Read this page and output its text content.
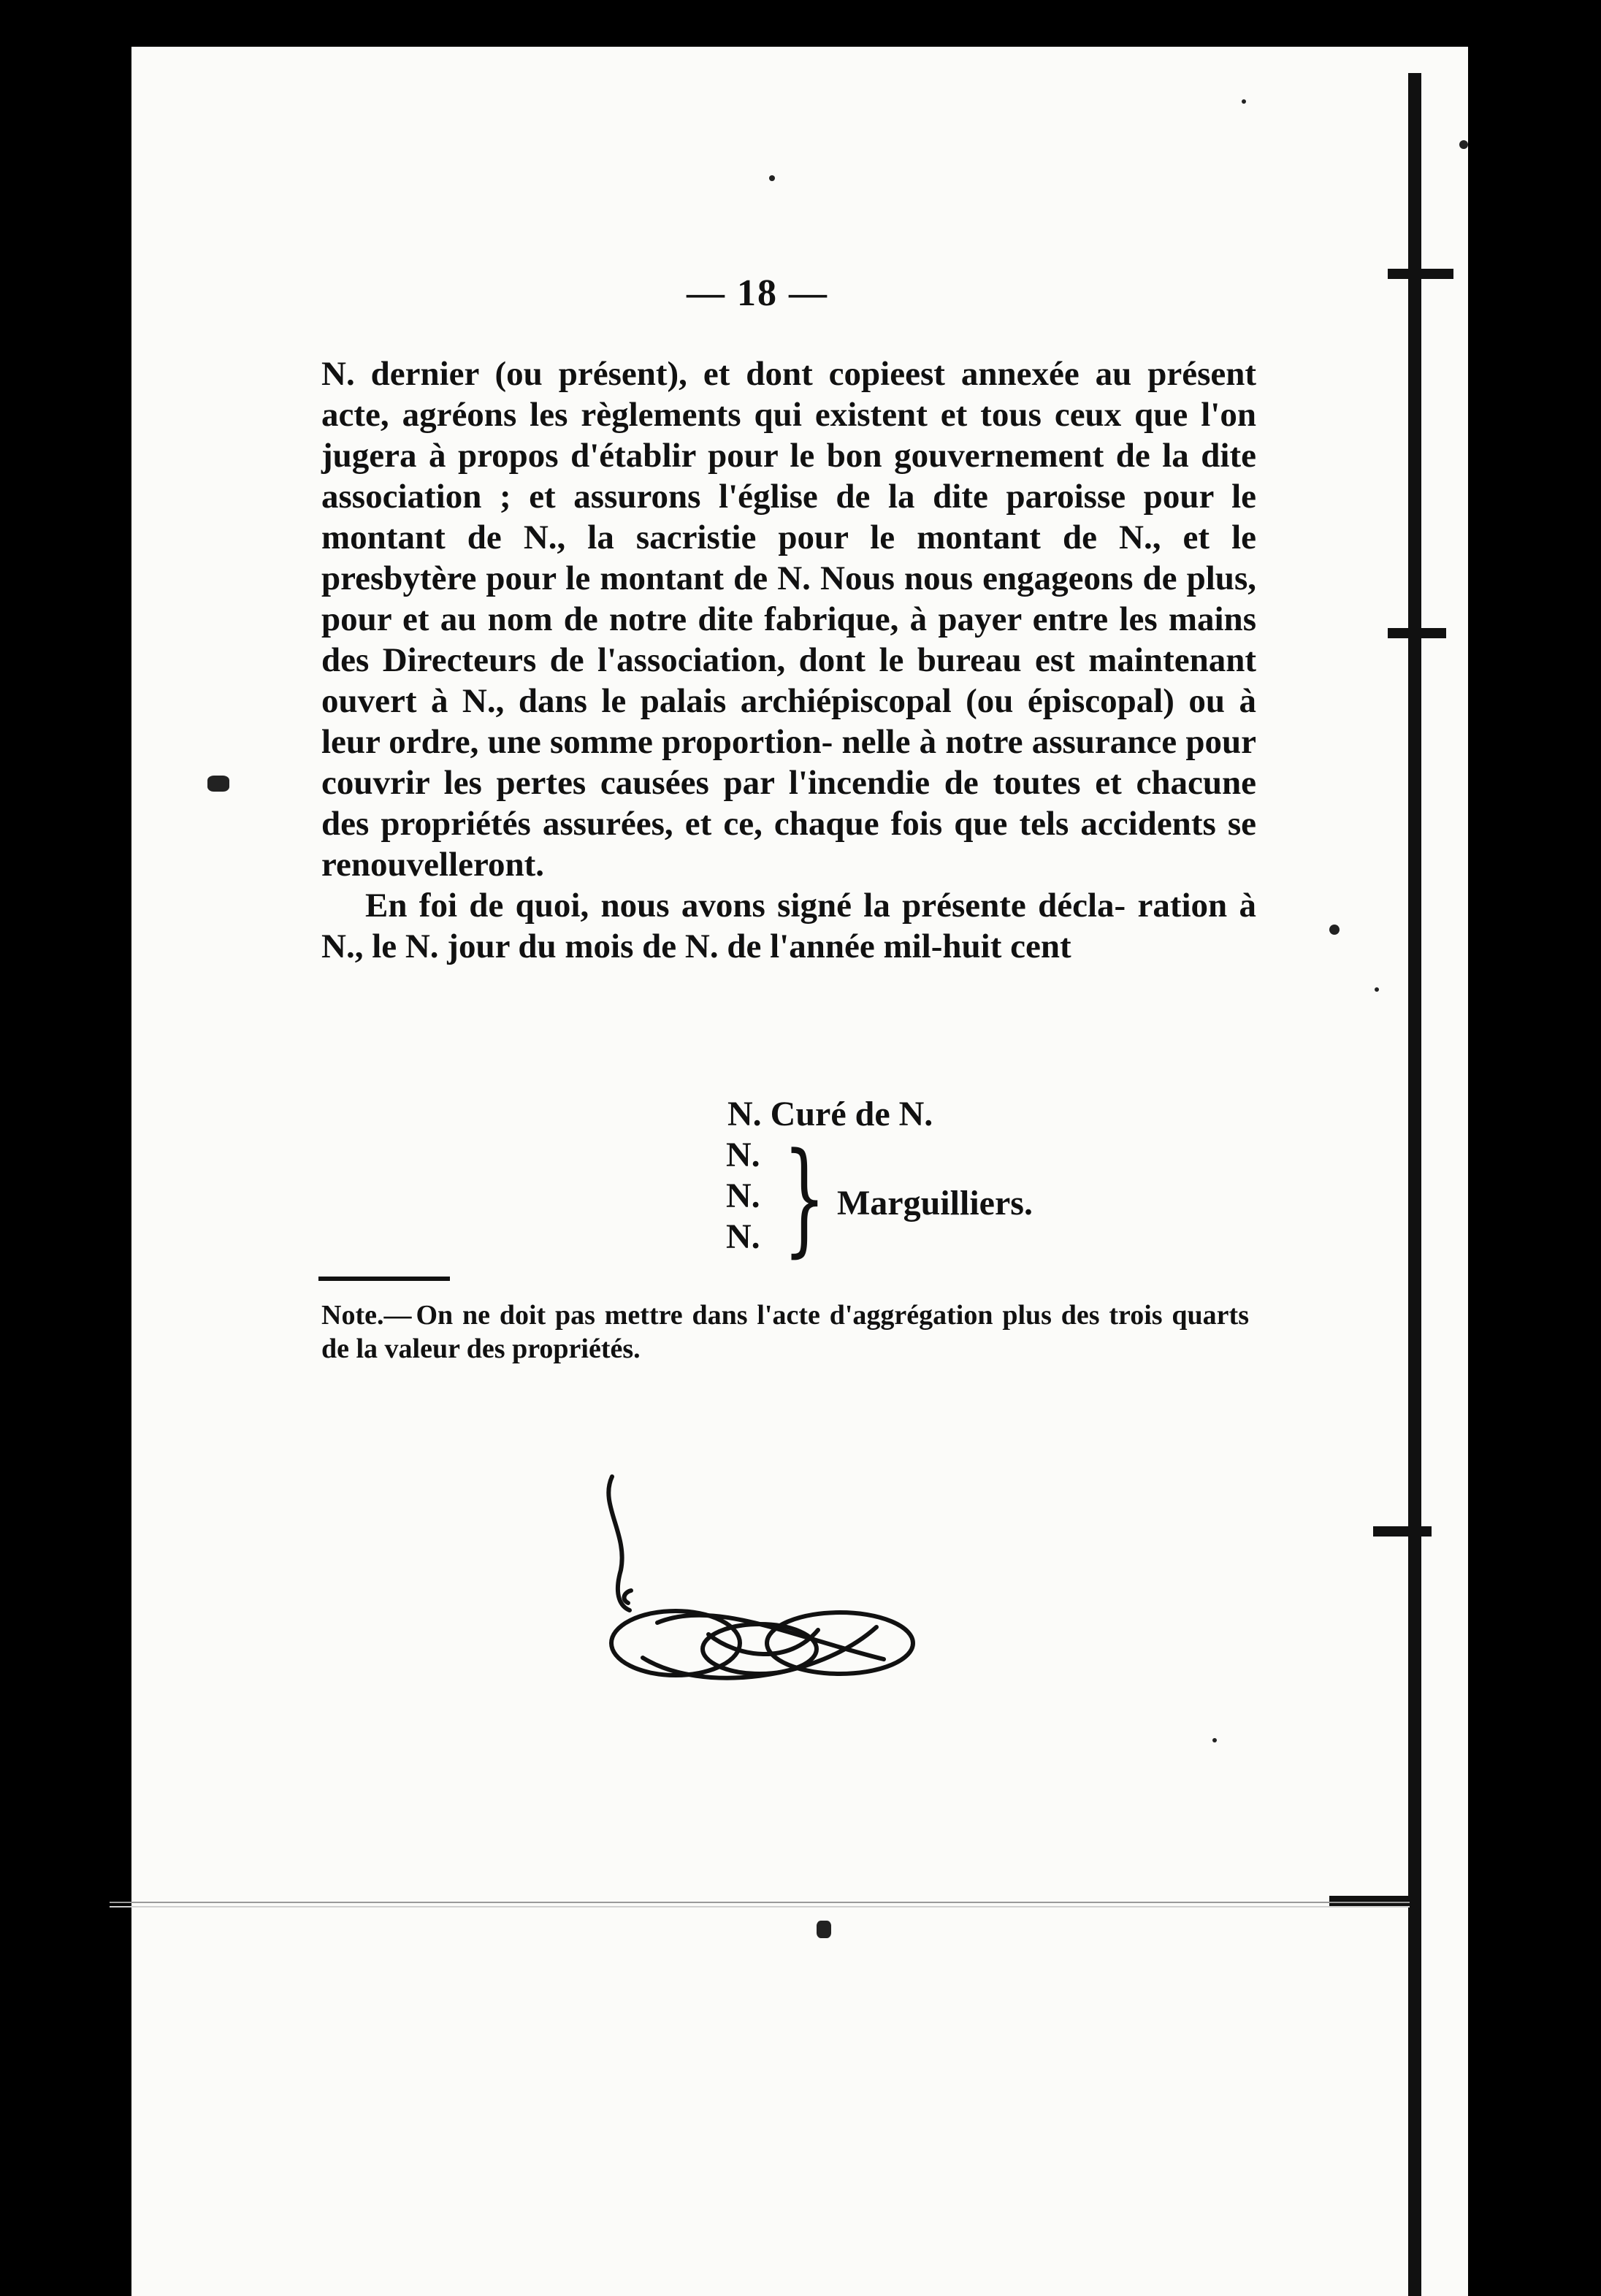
— 18 —

N. dernier (ou présent), et dont copieest annexée au présent acte, agréons les règlements qui existent et tous ceux que l'on jugera à propos d'établir pour le bon gouvernement de la dite association ; et assurons l'église de la dite paroisse pour le montant de N., la sacristie pour le montant de N., et le presbytère pour le montant de N. Nous nous engageons de plus, pour et au nom de notre dite fabrique, à payer entre les mains des Directeurs de l'association, dont le bureau est maintenant ouvert à N., dans le palais archiépiscopal (ou épiscopal) ou à leur ordre, une somme proportion- nelle à notre assurance pour couvrir les pertes causées par l'incendie de toutes et chacune des propriétés assurées, et ce, chaque fois que tels accidents se renouvelleront.

En foi de quoi, nous avons signé la présente décla- ration à N., le N. jour du mois de N. de l'année mil-huit cent

N. Curé de N.
N.
N.
N. } Marguilliers.
Note.— On ne doit pas mettre dans l'acte d'aggrégation plus des trois quarts de la valeur des propriétés.
